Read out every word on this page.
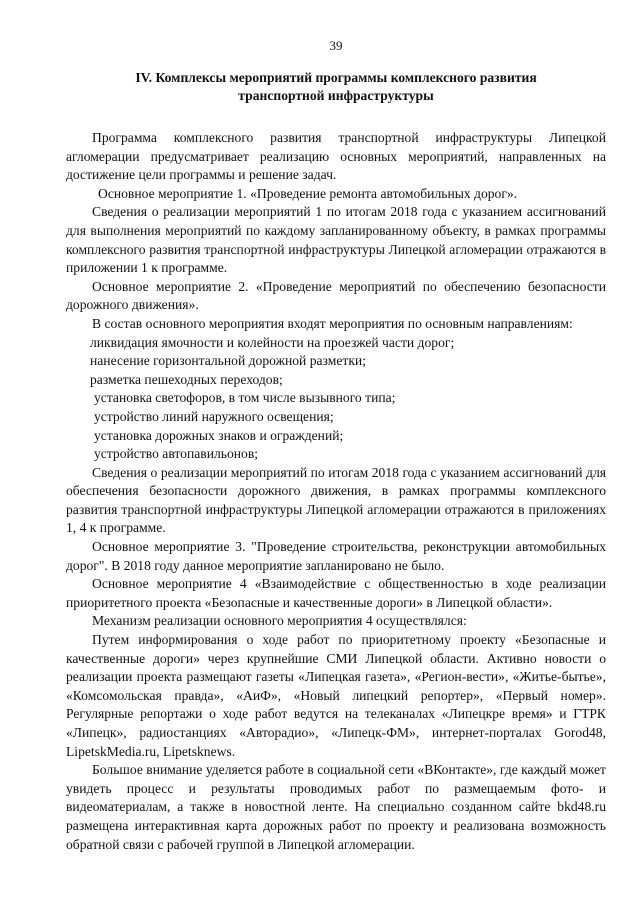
39
IV. Комплексы мероприятий программы комплексного развития
транспортной инфраструктуры

Программа комплексного развития транспортной инфраструктуры Липецкой агломерации предусматривает реализацию основных мероприятий, направленных на достижение цели программы и решение задач.

Основное мероприятие 1. «Проведение ремонта автомобильных дорог».

Сведения о реализации мероприятий 1 по итогам 2018 года с указанием ассигнований для выполнения мероприятий по каждому запланированному объекту, в рамках программы комплексного развития транспортной инфраструктуры Липецкой агломерации отражаются в приложении 1 к программе.

Основное мероприятие 2. «Проведение мероприятий по обеспечению безопасности дорожного движения».

В состав основного мероприятия входят мероприятия по основным направлениям:

ликвидация ямочности и колейности на проезжей части дорог;
нанесение горизонтальной дорожной разметки;
разметка пешеходных переходов;
установка светофоров, в том числе вызывного типа;
устройство линий наружного освещения;
установка дорожных знаков и ограждений;
устройство автопавильонов;

Сведения о реализации мероприятий по итогам 2018 года с указанием ассигнований для обеспечения безопасности дорожного движения, в рамках программы комплексного развития транспортной инфраструктуры Липецкой агломерации отражаются в приложениях 1, 4 к программе.

Основное мероприятие 3. "Проведение строительства, реконструкции автомобильных дорог". В 2018 году данное мероприятие запланировано не было.

Основное мероприятие 4 «Взаимодействие с общественностью в ходе реализации приоритетного проекта «Безопасные и качественные дороги» в Липецкой области».

Механизм реализации основного мероприятия 4 осуществлялся:

Путем информирования о ходе работ по приоритетному проекту «Безопасные и качественные дороги» через крупнейшие СМИ Липецкой области. Активно новости о реализации проекта размещают газеты «Липецкая газета», «Регион-вести», «Житье-бытье», «Комсомольская правда», «АиФ», «Новый липецкий репортер», «Первый номер». Регулярные репортажи о ходе работ ведутся на телеканалах «Липецкре время» и ГТРК «Липецк», радиостанциях «Авторадио», «Липецк-ФМ», интернет-порталах Gorod48, LipetskMedia.ru, Lipetsknews.

Большое внимание уделяется работе в социальной сети «ВКонтакте», где каждый может увидеть процесс и результаты проводимых работ по размещаемым фото- и видеоматериалам, а также в новостной ленте. На специально созданном сайте bkd48.ru размещена интерактивная карта дорожных работ по проекту и реализована возможность обратной связи с рабочей группой в Липецкой агломерации.
